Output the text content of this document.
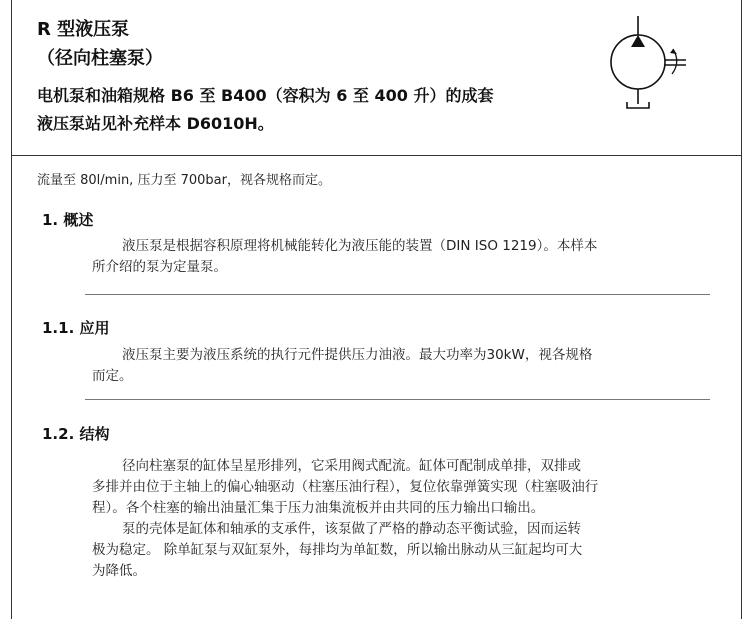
R 型液压泵
（径向柱塞泵）
电机泵和油箱规格 B6 至 B400（容积为 6 至 400 升）的成套
液压泵站见补充样本 D6010H。
流量至 80l/min, 压力至 700bar，视各规格而定。
1. 概述
液压泵是根据容积原理将机械能转化为液压能的装置（DIN ISO 1219）。本样本
所介绍的泵为定量泵。
1.1. 应用
液压泵主要为液压系统的执行元件提供压力油液。最大功率为30kW，视各规格
而定。
1.2. 结构
径向柱塞泵的缸体呈星形排列，它采用阀式配流。缸体可配制成单排，双排或
多排并由位于主轴上的偏心轴驱动（柱塞压油行程），复位依靠弹簧实现（柱塞吸油行
程）。各个柱塞的输出油量汇集于压力油集流板并由共同的压力输出口输出。
泵的壳体是缸体和轴承的支承件，该泵做了严格的静动态平衡试验，因而运转
极为稳定。 除单缸泵与双缸泵外，每排均为单缸数，所以输出脉动从三缸起均可大
为降低。
